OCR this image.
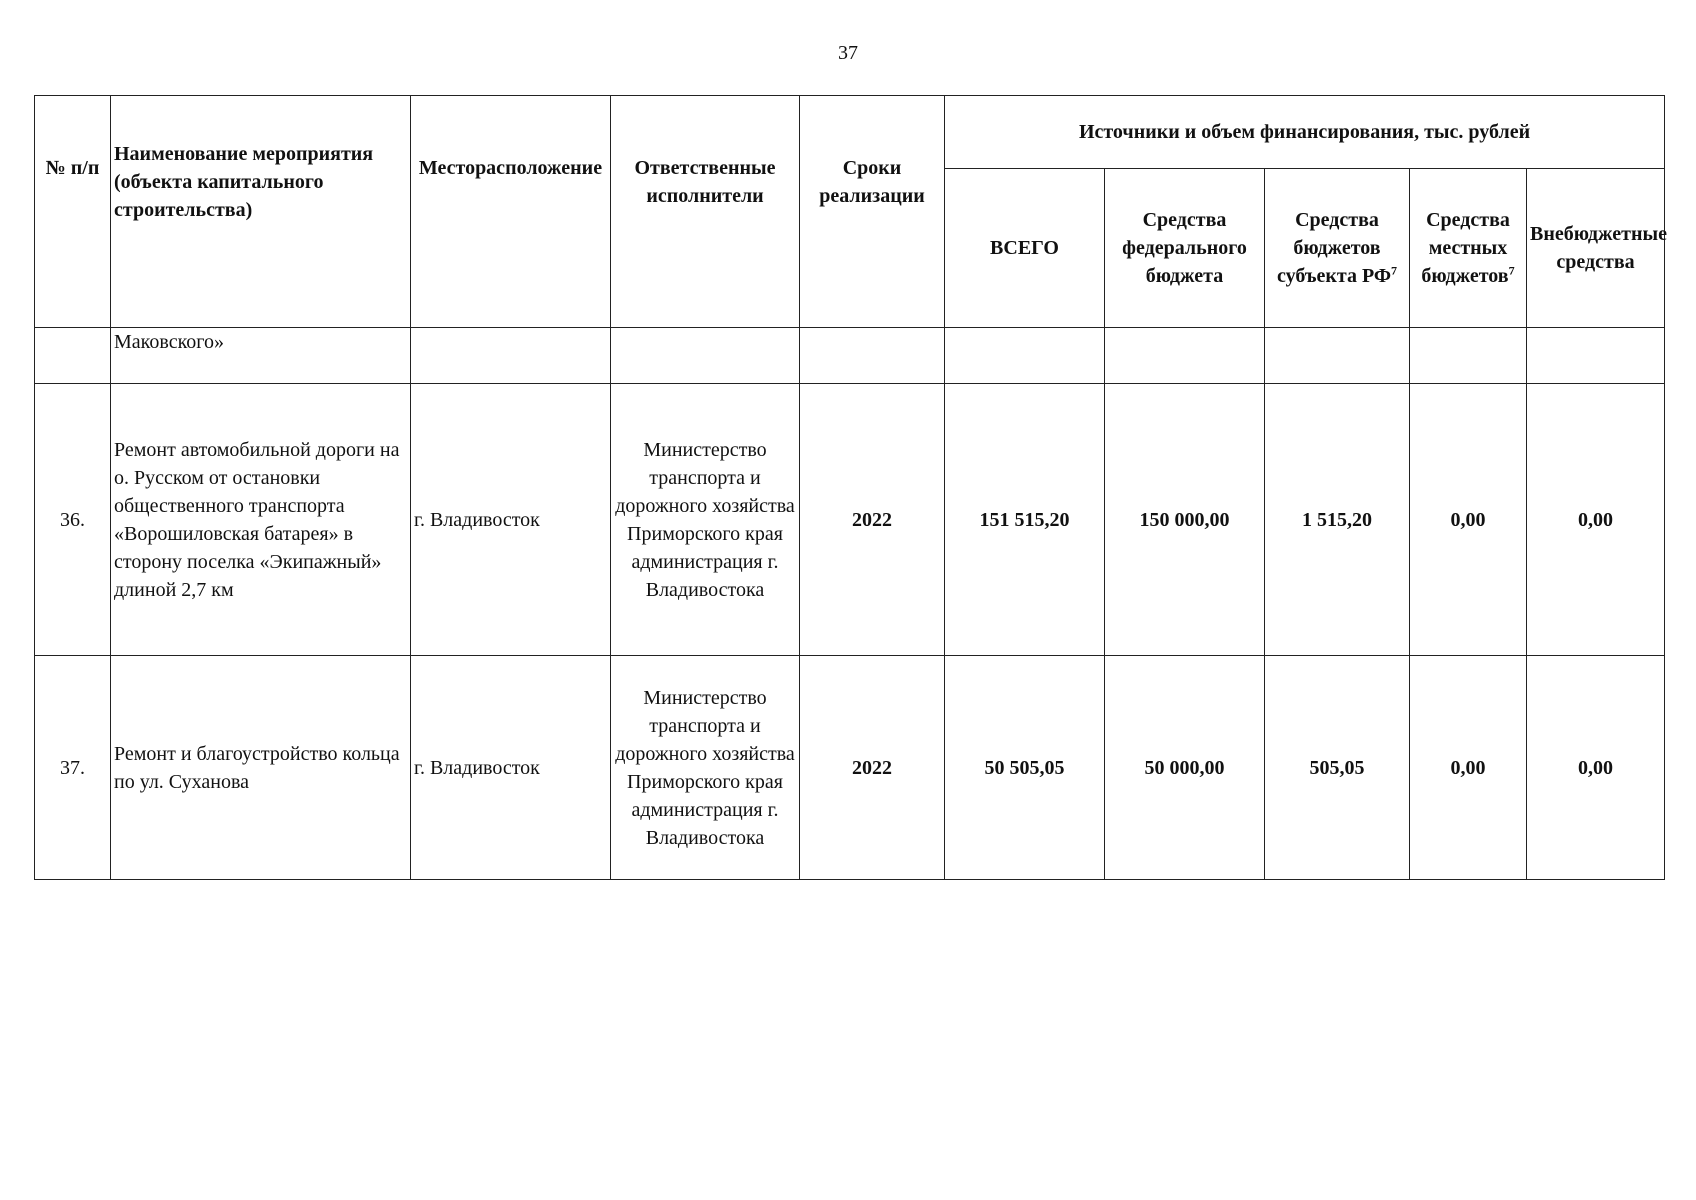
37
№ п/п	Наименование мероприятия (объекта капитального строительства)	Месторасположение	Ответственные исполнители	Сроки реализации	Источники и объем финансирования, тыс. рублей				
					ВСЕГО	Средства федерального бюджета	Средства бюджетов субъекта $РФ^7$	Средства местных бюджетов$^7$	Внебюджетные средства
	Маковского»								
36.	Ремонт автомобильной дороги на о. Русском от остановки общественного транспорта «Ворошиловская батарея» в сторону поселка «Экипажный» длиной 2,7 км	г. Владивосток	Министерство транспорта и дорожного хозяйства Приморского края администрация г. Владивостока	2022	151 515,20	150 000,00	1 515,20	0,00	0,00
37.	Ремонт и благоустройство кольца по ул. Суханова	г. Владивосток	Министерство транспорта и дорожного хозяйства Приморского края администрация г. Владивостока	2022	50 505,05	50 000,00	505,05	0,00	0,00
